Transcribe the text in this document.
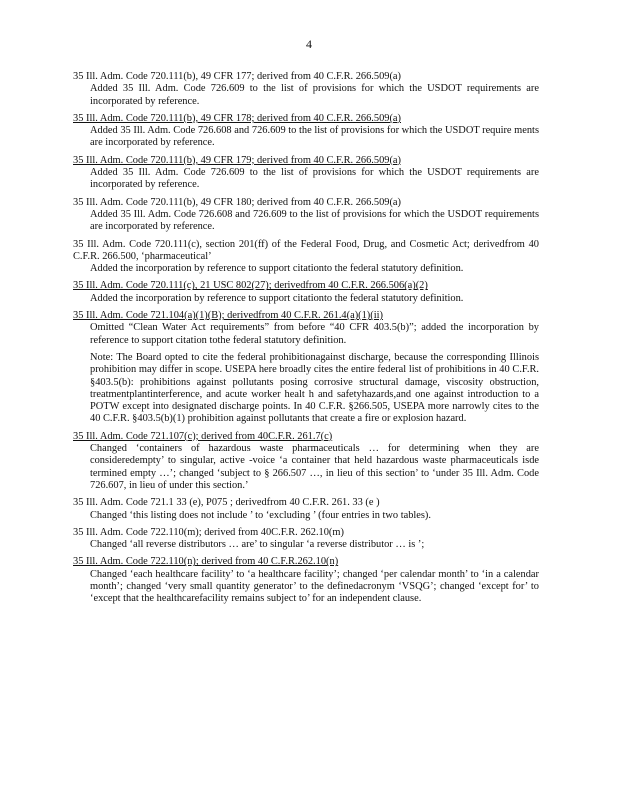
4
35 Ill. Adm. Code 720.111(b), 49 CFR 177; derived from 40 C.F.R. 266.509(a)
Added 35 Ill. Adm. Code 726.609 to the list of provisions for which the USDOT requirements are incorporated by reference.
35 Ill. Adm. Code 720.111(b), 49 CFR 178; derived from 40 C.F.R. 266.509(a)
Added 35 Ill. Adm. Code 726.608 and 726.609 to the list of provisions for which the USDOT require ments are incorporated by reference.
35 Ill. Adm. Code 720.111(b), 49 CFR 179; derived from 40 C.F.R. 266.509(a)
Added 35 Ill. Adm. Code 726.609 to the list of provisions for which the USDOT requirements are incorporated by reference.
35 Ill. Adm. Code 720.111(b), 49 CFR 180; derived from 40 C.F.R. 266.509(a)
Added 35 Ill. Adm. Code 726.608 and 726.609 to the list of provisions for which the USDOT requirements are incorporated by reference.
35 Ill. Adm. Code 720.111(c), section 201(ff) of the Federal Food, Drug, and Cosmetic Act; derivedfrom 40 C.F.R. 266.500, ‘pharmaceutical’
Added the incorporation by reference to support citationto the federal statutory definition.
35 Ill. Adm. Code 720.111(c), 21 USC 802(27); derivedfrom 40 C.F.R. 266.506(a)(2)
Added the incorporation by reference to support citationto the federal statutory definition.
35 Ill. Adm. Code 721.104(a)(1)(B); derivedfrom 40 C.F.R. 261.4(a)(1)(ii)
Omitted “Clean Water Act requirements” from before “40 CFR 403.5(b)”; added the incorporation by reference to support citation tothe federal statutory definition.
Note: The Board opted to cite the federal prohibitionagainst discharge, because the corresponding Illinois prohibition may differ in scope. USEPA here broadly cites the entire federal list of prohibitions in 40 C.F.R. §403.5(b): prohibitions against pollutants posing corrosive structural damage, viscosity obstruction, treatmentplantinterference, and acute worker healt h and safetyhazards,and one against introduction to a POTW except into designated discharge points. In 40 C.F.R. §266.505, USEPA more narrowly cites to the 40 C.F.R. §403.5(b)(1) prohibition against pollutants that create a fire or explosion hazard.
35 Ill. Adm. Code 721.107(c); derived from 40C.F.R. 261.7(c)
Changed ‘containers of hazardous waste pharmaceuticals … for determining when they are consideredempty’ to singular, active -voice ‘a container that held hazardous waste pharmaceuticals isde termined empty …’; changed ‘subject to § 266.507 …, in lieu of this section’ to ‘under 35 Ill. Adm. Code 726.607, in lieu of under this section.’
35 Ill. Adm. Code 721.1 33 (e), P075 ; derivedfrom 40 C.F.R. 261. 33 (e )
Changed ‘this listing does not include ’ to ‘excluding ’ (four entries in two tables).
35 Ill. Adm. Code 722.110(m); derived from 40C.F.R. 262.10(m)
Changed ‘all reverse distributors … are’ to singular ‘a reverse distributor … is ’;
35 Ill. Adm. Code 722.110(n); derived from 40 C.F.R.262.10(n)
Changed ‘each healthcare facility’ to ‘a healthcare facility’; changed ‘per calendar month’ to ‘in a calendar month’; changed ‘very small quantity generator’ to the definedacronym ‘VSQG’; changed ‘except for’ to ‘except that the healthcarefacility remains subject to’ for an independent clause.
